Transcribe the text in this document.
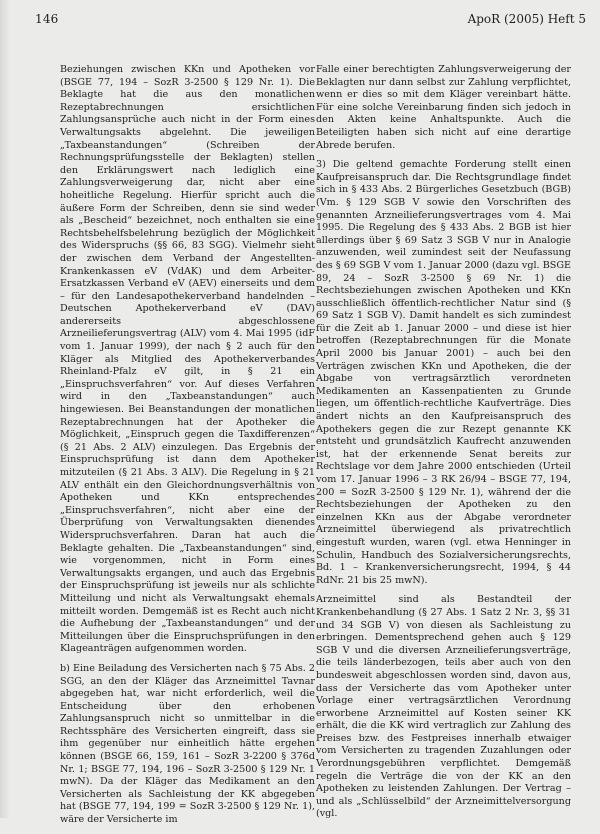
146	ApoR (2005) Heft 5

Beziehungen zwischen KKn und Apotheken vor (BSGE 77, 194 – SozR 3-2500 § 129 Nr. 1). Die Beklagte hat die aus den monatlichen Rezeptabrechnungen ersichtlichen Zahlungsansprüche auch nicht in der Form eines Verwaltungsakts abgelehnt. Die jeweiligen „Taxbeanstandungen“ (Schreiben der Rechnungsprüfungsstelle der Beklagten) stellen den Erklärungswert nach lediglich eine Zahlungsverweigerung dar, nicht aber eine hoheitliche Regelung. Hierfür spricht auch die äußere Form der Schreiben, denn sie sind weder als „Bescheid“ bezeichnet, noch enthalten sie eine Rechtsbehelfsbelehrung bezüglich der Möglichkeit des Widerspruchs (§§ 66, 83 SGG). Vielmehr sieht der zwischen dem Verband der Angestellten-Krankenkassen eV (VdAK) und dem Arbeiter-Ersatzkassen Verband eV (AEV) einerseits und dem – für den Landesapothekerverband handelnden – Deutschen Apothekerverband eV (DAV) andererseits abgeschlossene Arzneilieferungsvertrag (ALV) vom 4. Mai 1995 (idF vom 1. Januar 1999), der nach § 2 auch für den Kläger als Mitglied des Apothekerverbandes Rheinland-Pfalz eV gilt, in § 21 ein „Einspruchsverfahren“ vor. Auf dieses Verfahren wird in den „Taxbeanstandungen“ auch hingewiesen. Bei Beanstandungen der monatlichen Rezeptabrechnungen hat der Apotheker die Möglichkeit, „Einspruch gegen die Taxdifferenzen“ (§ 21 Abs. 2 ALV) einzulegen. Das Ergebnis der Einspruchsprüfung ist dann dem Apotheker mitzuteilen (§ 21 Abs. 3 ALV). Die Regelung in § 21 ALV enthält ein den Gleichordnungsverhältnis von Apotheken und KKn entsprechendes „Einspruchsverfahren“, nicht aber eine der Überprüfung von Verwaltungsakten dienendes Widerspruchsverfahren. Daran hat auch die Beklagte gehalten. Die „Taxbeanstandungen“ sind, wie vorgenommen, nicht in Form eines Verwaltungsakts ergangen, und auch das Ergebnis der Einspruchsprüfung ist jeweils nur als schlichte Mitteilung und nicht als Verwaltungsakt ehemals mitteilt worden. Demgemäß ist es Recht auch nicht die Aufhebung der „Taxbeanstandungen“ und der Mitteilungen über die Einspruchsprüfungen in den Klageanträgen aufgenommen worden.

b) Eine Beiladung des Versicherten nach § 75 Abs. 2 SGG, an den der Kläger das Arzneimittel Tavnar abgegeben hat, war nicht erforderlich, weil die Entscheidung über den erhobenen Zahlungsanspruch nicht so unmittelbar in die Rechtssphäre des Versicherten eingreift, dass sie ihm gegenüber nur einheitlich hätte ergehen können (BSGE 66, 159, 161 – SozR 3-2200 § 376d Nr. 1; BSGE 77, 194, 196 – SozR 3-2500 § 129 Nr. 1 mwN). Da der Kläger das Medikament an den Versicherten als Sachleistung der KK abgegeben hat (BSGE 77, 194, 199 = SozR 3-2500 § 129 Nr. 1), wäre der Versicherte im

Falle einer berechtigten Zahlungsverweigerung der Beklagten nur dann selbst zur Zahlung verpflichtet, wenn er dies so mit dem Kläger vereinbart hätte. Für eine solche Vereinbarung finden sich jedoch in den Akten keine Anhaltspunkte. Auch die Beteiligten haben sich nicht auf eine derartige Abrede berufen.

3) Die geltend gemachte Forderung stellt einen Kaufpreisanspruch dar. Die Rechtsgrundlage findet sich in § 433 Abs. 2 Bürgerliches Gesetzbuch (BGB) (Vm. § 129 SGB V sowie den Vorschriften des genannten Arzneilieferungsvertrages vom 4. Mai 1995. Die Regelung des § 433 Abs. 2 BGB ist hier allerdings über § 69 Satz 3 SGB V nur in Analogie anzuwenden, weil zumindest seit der Neufassung des § 69 SGB V vom 1. Januar 2000 (dazu vgl. BSGE 89, 24 – SozR 3-2500 § 69 Nr. 1) die Rechtsbeziehungen zwischen Apotheken und KKn ausschließlich öffentlich-rechtlicher Natur sind (§ 69 Satz 1 SGB V). Damit handelt es sich zumindest für die Zeit ab 1. Januar 2000 – und diese ist hier betroffen (Rezeptabrechnungen für die Monate April 2000 bis Januar 2001) – auch bei den Verträgen zwischen KKn und Apotheken, die der Abgabe von vertragsärztlich verordneten Medikamenten an Kassenpatienten zu Grunde liegen, um öffentlich-rechtliche Kaufverträge. Dies ändert nichts an den Kaufpreisanspruch des Apothekers gegen die zur Rezept genannte KK entsteht und grundsätzlich Kaufrecht anzuwenden ist, hat der erkennende Senat bereits zur Rechtslage vor dem Jahre 2000 entschieden (Urteil vom 17. Januar 1996 – 3 RK 26/94 – BSGE 77, 194, 200 = SozR 3-2500 § 129 Nr. 1), während der die Rechtsbeziehungen der Apotheken zu den einzelnen KKn aus der Abgabe verordneter Arzneimittel überwiegend als privatrechtlich eingestuft wurden, waren (vgl. etwa Henninger in Schulin, Handbuch des Sozialversicherungsrechts, Bd. 1 – Krankenversicherungsrecht, 1994, § 44 RdNr. 21 bis 25 mwN).

Arzneimittel sind als Bestandteil der Krankenbehandlung (§ 27 Abs. 1 Satz 2 Nr. 3, §§ 31 und 34 SGB V) von diesen als Sachleistung zu erbringen. Dementsprechend gehen auch § 129 SGB V und die diversen Arzneilieferungsverträge, die teils länderbezogen, teils aber auch von den bundesweit abgeschlossen worden sind, davon aus, dass der Versicherte das vom Apotheker unter Vorlage einer vertragsärztlichen Verordnung erworbene Arzneimittel auf Kosten seiner KK erhält, die die KK wird vertraglich zur Zahlung des Preises bzw. des Festpreises innerhalb etwaiger vom Versicherten zu tragenden Zuzahlungen oder Verordnungsgebühren verpflichtet. Demgemäß regeln die Verträge die von der KK an den Apotheken zu leistenden Zahlungen. Der Vertrag – und als „Schlüsselbild“ der Arzneimittelversorgung (vgl.
